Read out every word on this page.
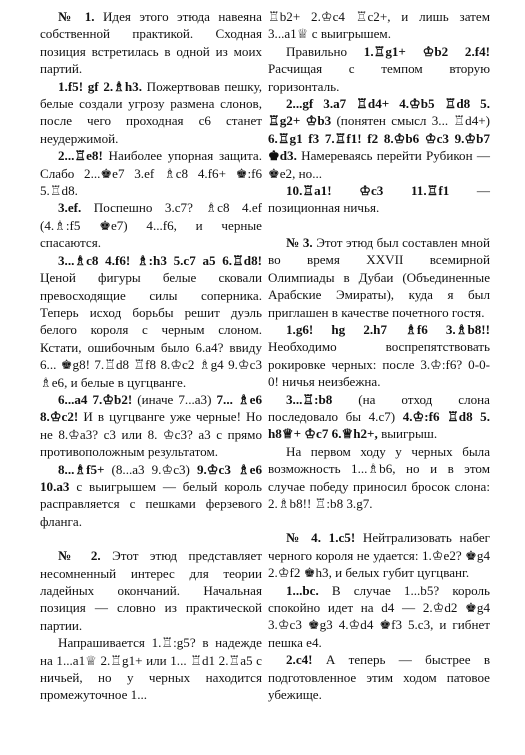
№ 1. Идея этого этюда навеяна собственной практикой. Сходная позиция встретилась в одной из моих партий.

1.f5! gf 2.♗h3. Пожертвовав пешку, белые создали угрозу размена слонов, после чего проходная с6 станет неудержимой.

2...♖e8! Наиболее упорная защита. Слабо 2...♚e7 3.ef ♗c8 4.f6+ ♚:f6 5.♖d8.

3.ef. Поспешно 3.c7? ♗c8 4.ef (4.♗:f5 ♚e7) 4...f6, и черные спасаются.

3...♗c8 4.f6! ♗:h3 5.c7 a5 6.♖d8! Ценой фигуры белые сковали превосходящие силы соперника. Теперь исход борьбы решит дуэль белого короля с черным слоном. Кстати, ошибочным было 6.a4? ввиду 6... ♚g8! 7.♖d8 ♖f8 8.♔c2 ♗g4 9.♔c3 ♗e6, и белые в цугцванге.

6...a4 7.♔b2! (иначе 7...a3) 7... ♗e6 8.♔c2! И в цугцванге уже черные! Но не 8.♔a3? c3 или 8. ♔c3? a3 с прямо противоположным результатом.

8...♗f5+ (8...a3 9.♔c3) 9.♔c3 ♗e6 10.a3 с выигрышем — белый король расправляется с пешками ферзевого фланга.

№ 2. Этот этюд представляет несомненный интерес для теории ладейных окончаний. Начальная позиция — словно из практической партии.

Напрашивается 1.♖:g5? в надежде на 1...a1♕ 2.♖g1+ или 1... ♖d1 2.♖a5 с ничьей, но у черных находится промежуточное 1...

♖b2+ 2.♔c4 ♖c2+, и лишь затем 3...a1♕ с выигрышем.

Правильно 1.♖g1+ ♔b2 2.f4! Расчищая с темпом вторую горизонталь.

2...gf 3.a7 ♖d4+ 4.♔b5 ♖d8 5. ♖g2+ ♔b3 (понятен смысл 3... ♖d4+) 6.♖g1 f3 7.♖f1! f2 8.♔b6 ♔c3 9.♔b7 ♚d3. Намереваясь перейти Рубикон — ♚e2, но...

10.♖a1! ♔c3 11.♖f1 — позиционная ничья.

№ 3. Этот этюд был составлен мной во время XXVII всемирной Олимпиады в Дубаи (Объединенные Арабские Эмираты), куда я был приглашен в качестве почетного гостя.

1.g6! hg 2.h7 ♗f6 3.♗b8!! Необходимо воспрепятствовать рокировке черных: после 3.♔:f6? 0-0-0! ничья неизбежна.

3...♖:b8 (на отход слона последовало бы 4.c7) 4.♔:f6 ♖d8 5. h8♕+ ♔c7 6.♕h2+, выигрыш.

На первом ходу у черных была возможность 1...♗b6, но и в этом случае победу приносил бросок слона: 2.♗b8!! ♖:b8 3.g7.

№ 4. 1.c5! Нейтрализовать набег черного короля не удается: 1.♔e2? ♚g4 2.♔f2 ♚h3, и белых губит цугцванг.

1...bc. В случае 1...b5? король спокойно идет на d4 — 2.♔d2 ♚g4 3.♔c3 ♚g3 4.♔d4 ♚f3 5.c3, и гибнет пешка e4.

2.c4! А теперь — быстрее в подготовленное этим ходом патовое убежище.
